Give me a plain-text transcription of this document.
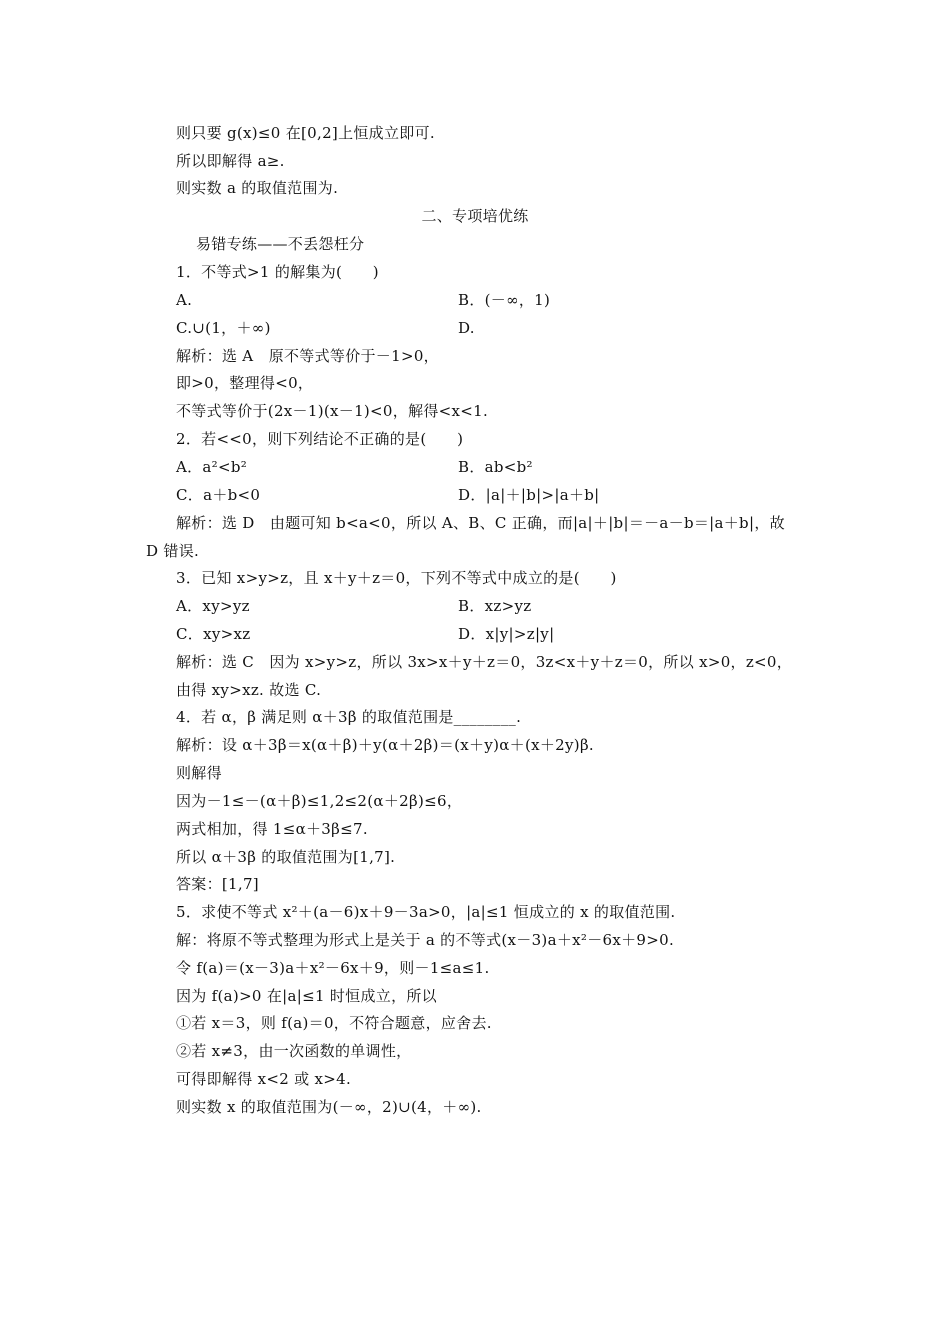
则只要 g(x)≤0 在[0,2]上恒成立即可.
所以即解得 a≥.
则实数 a 的取值范围为.
二、专项培优练
易错专练——不丢怨枉分
1．不等式>1 的解集为(　　)
A.	B．(－∞，1)
C.∪(1，＋∞)	D.
解析：选 A　原不等式等价于－1>0，
即>0，整理得<0，
不等式等价于(2x－1)(x－1)<0，解得<x<1.
2．若<<0，则下列结论不正确的是(　　)
A．a²<b²	B．ab<b²
C．a＋b<0	D．|a|＋|b|>|a＋b|
解析：选 D　由题可知 b<a<0，所以 A、B、C 正确，而|a|＋|b|＝－a－b＝|a＋b|，故
D 错误.
3．已知 x>y>z，且 x＋y＋z＝0，下列不等式中成立的是(　　)
A．xy>yz	B．xz>yz
C．xy>xz	D．x|y|>z|y|
解析：选 C　因为 x>y>z，所以 3x>x＋y＋z＝0，3z<x＋y＋z＝0，所以 x>0，z<0，
由得 xy>xz. 故选 C.
4．若 α，β 满足则 α＋3β 的取值范围是________.
解析：设 α＋3β＝x(α＋β)＋y(α＋2β)＝(x＋y)α＋(x＋2y)β.
则解得
因为－1≤－(α＋β)≤1,2≤2(α＋2β)≤6，
两式相加，得 1≤α＋3β≤7.
所以 α＋3β 的取值范围为[1,7].
答案：[1,7]
5．求使不等式 x²＋(a－6)x＋9－3a>0，|a|≤1 恒成立的 x 的取值范围.
解：将原不等式整理为形式上是关于 a 的不等式(x－3)a＋x²－6x＋9>0.
令 f(a)＝(x－3)a＋x²－6x＋9，则－1≤a≤1.
因为 f(a)>0 在|a|≤1 时恒成立，所以
①若 x＝3，则 f(a)＝0，不符合题意，应舍去.
②若 x≠3，由一次函数的单调性，
可得即解得 x<2 或 x>4.
则实数 x 的取值范围为(－∞，2)∪(4，＋∞).
